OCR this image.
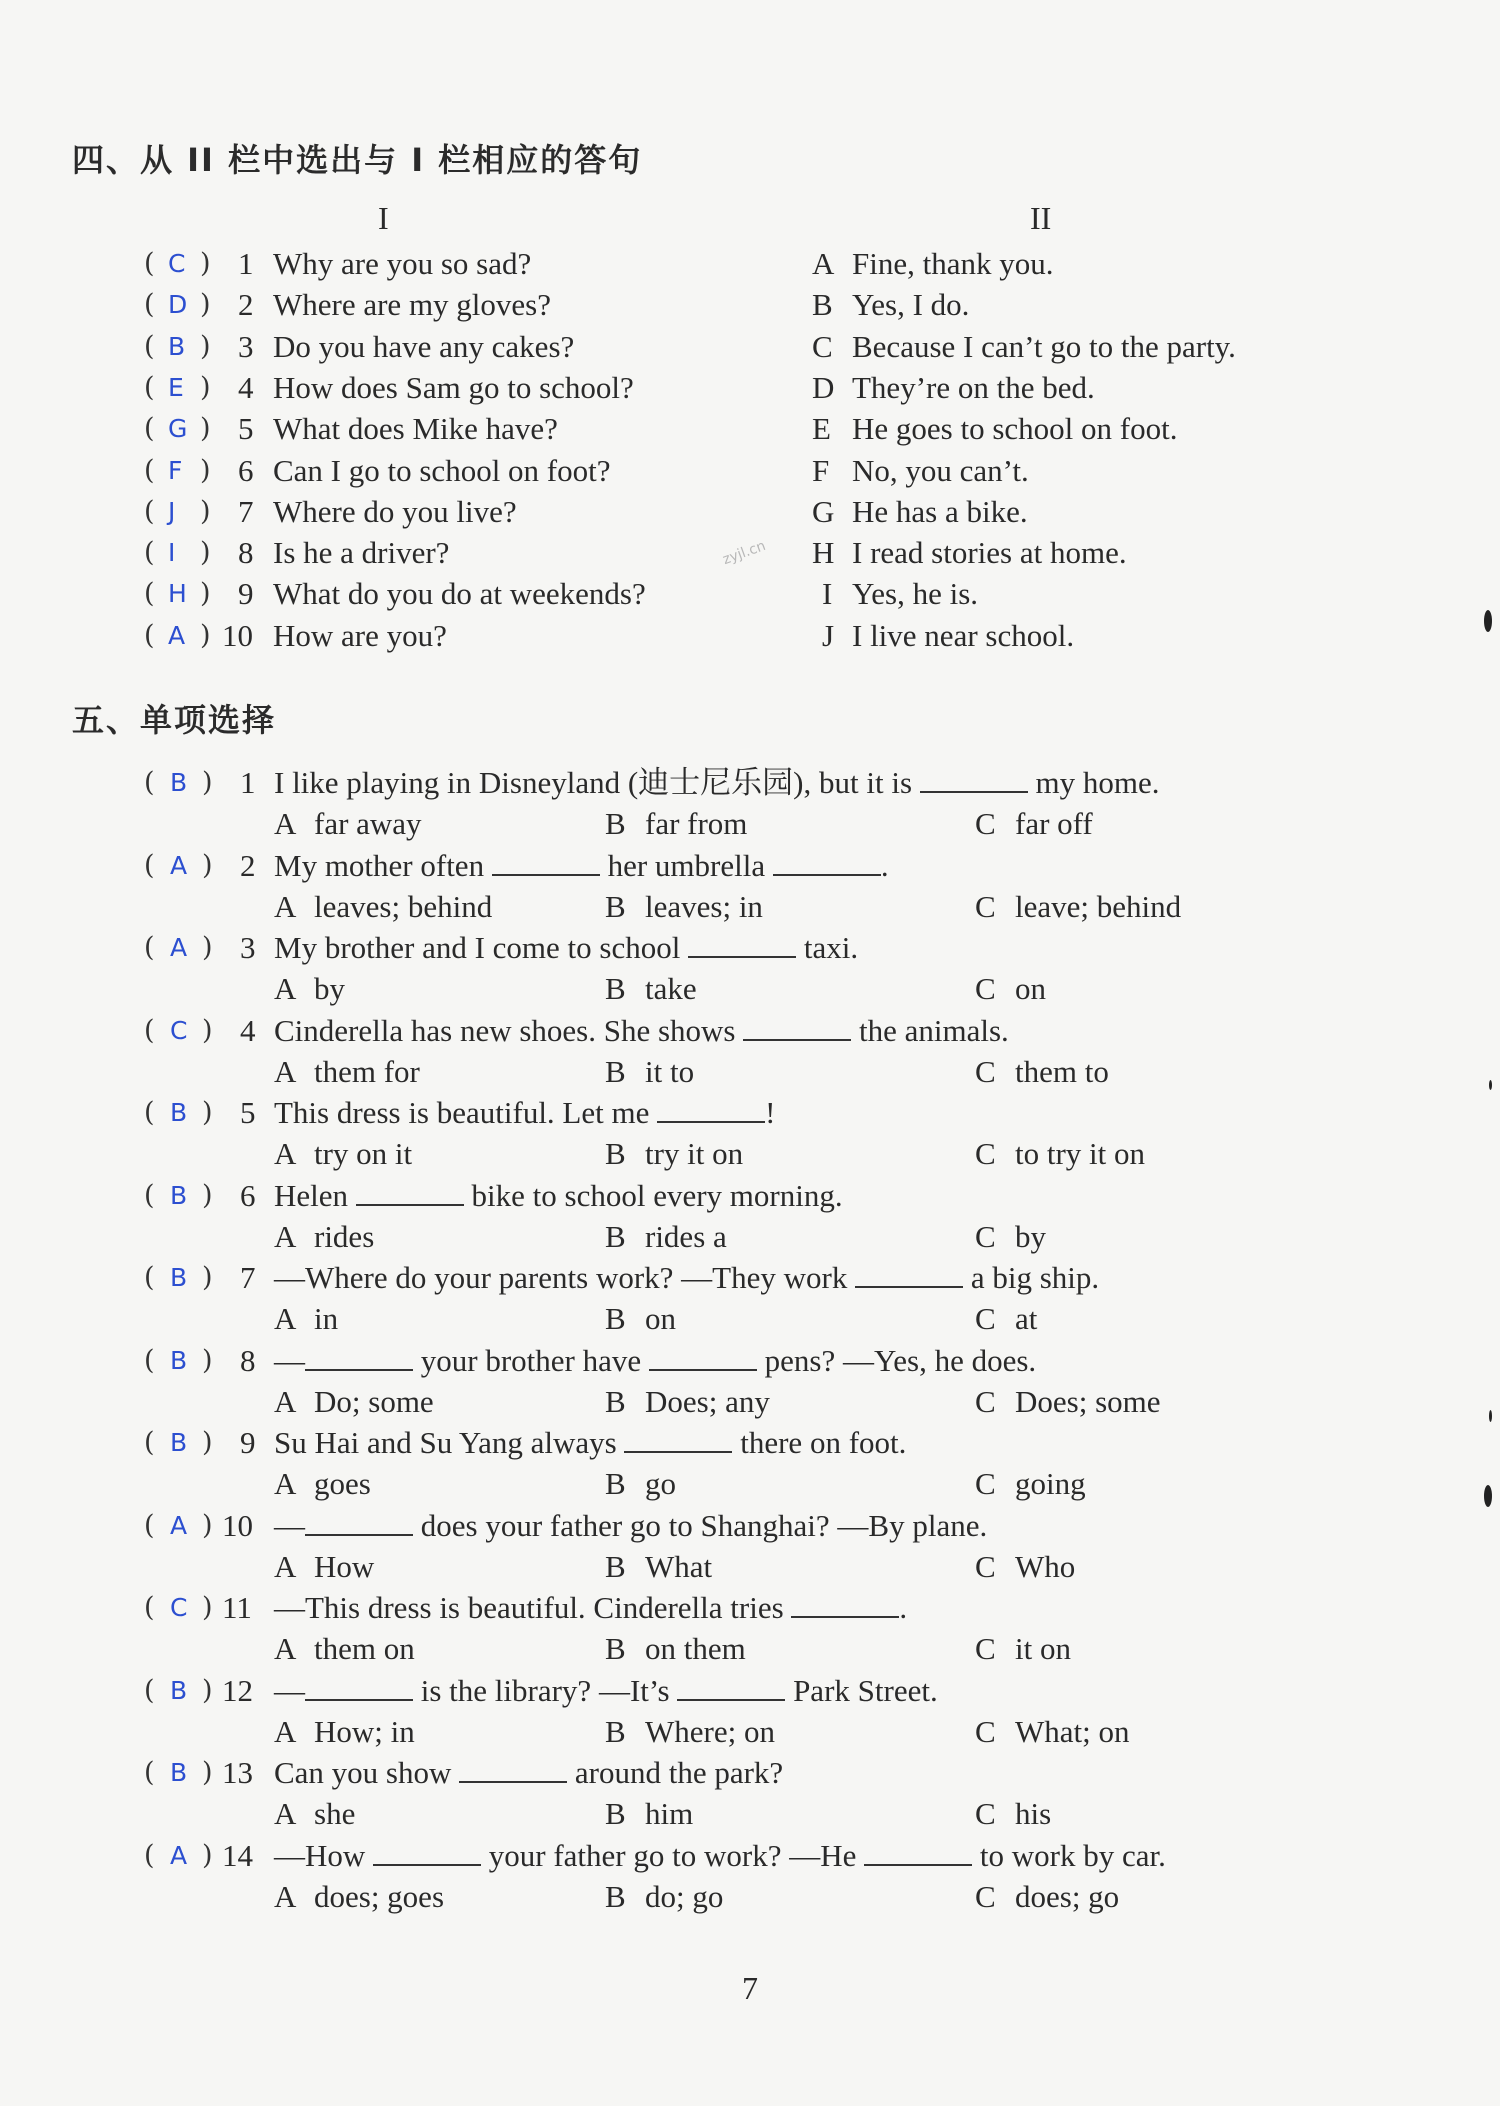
四、从 II 栏中选出与 I 栏相应的答句
I	II
( C ) 1 Why are you so sad?	A Fine, thank you.
( D ) 2 Where are my gloves?	B Yes, I do.
( B ) 3 Do you have any cakes?	C Because I can’t go to the party.
( E ) 4 How does Sam go to school?	D They’re on the bed.
( G ) 5 What does Mike have?	E He goes to school on foot.
( F ) 6 Can I go to school on foot?	F No, you can’t.
( J ) 7 Where do you live?	G He has a bike.
( I ) 8 Is he a driver?	H I read stories at home.
( H ) 9 What do you do at weekends?	I Yes, he is.
( A ) 10 How are you?	J I live near school.
zyjl.cn
五、单项选择
( B ) 1 I like playing in Disneyland (迪士尼乐园), but it is	my home.
A far away	B far from	C far off
( A ) 2 My mother often	her umbrella	.
A leaves; behind	B leaves; in	C leave; behind
( A ) 3 My brother and I come to school	taxi.
A by	B take	C on
( C ) 4 Cinderella has new shoes. She shows	the animals.
A them for	B it to	C them to
( B ) 5 This dress is beautiful. Let me	!
A try on it	B try it on	C to try it on
( B ) 6 Helen	bike to school every morning.
A rides	B rides a	C by
( B ) 7 —Where do your parents work? —They work	a big ship.
A in	B on	C at
( B ) 8 —	your brother have	pens? —Yes, he does.
A Do; some	B Does; any	C Does; some
( B ) 9 Su Hai and Su Yang always	there on foot.
A goes	B go	C going
( A ) 10 —	does your father go to Shanghai? —By plane.
A How	B What	C Who
( C ) 11 —This dress is beautiful. Cinderella tries	.
A them on	B on them	C it on
( B ) 12 —	is the library? —It’s	Park Street.
A How; in	B Where; on	C What; on
( B ) 13 Can you show	around the park?
A she	B him	C his
( A ) 14 —How	your father go to work? —He	to work by car.
A does; goes	B do; go	C does; go
7
